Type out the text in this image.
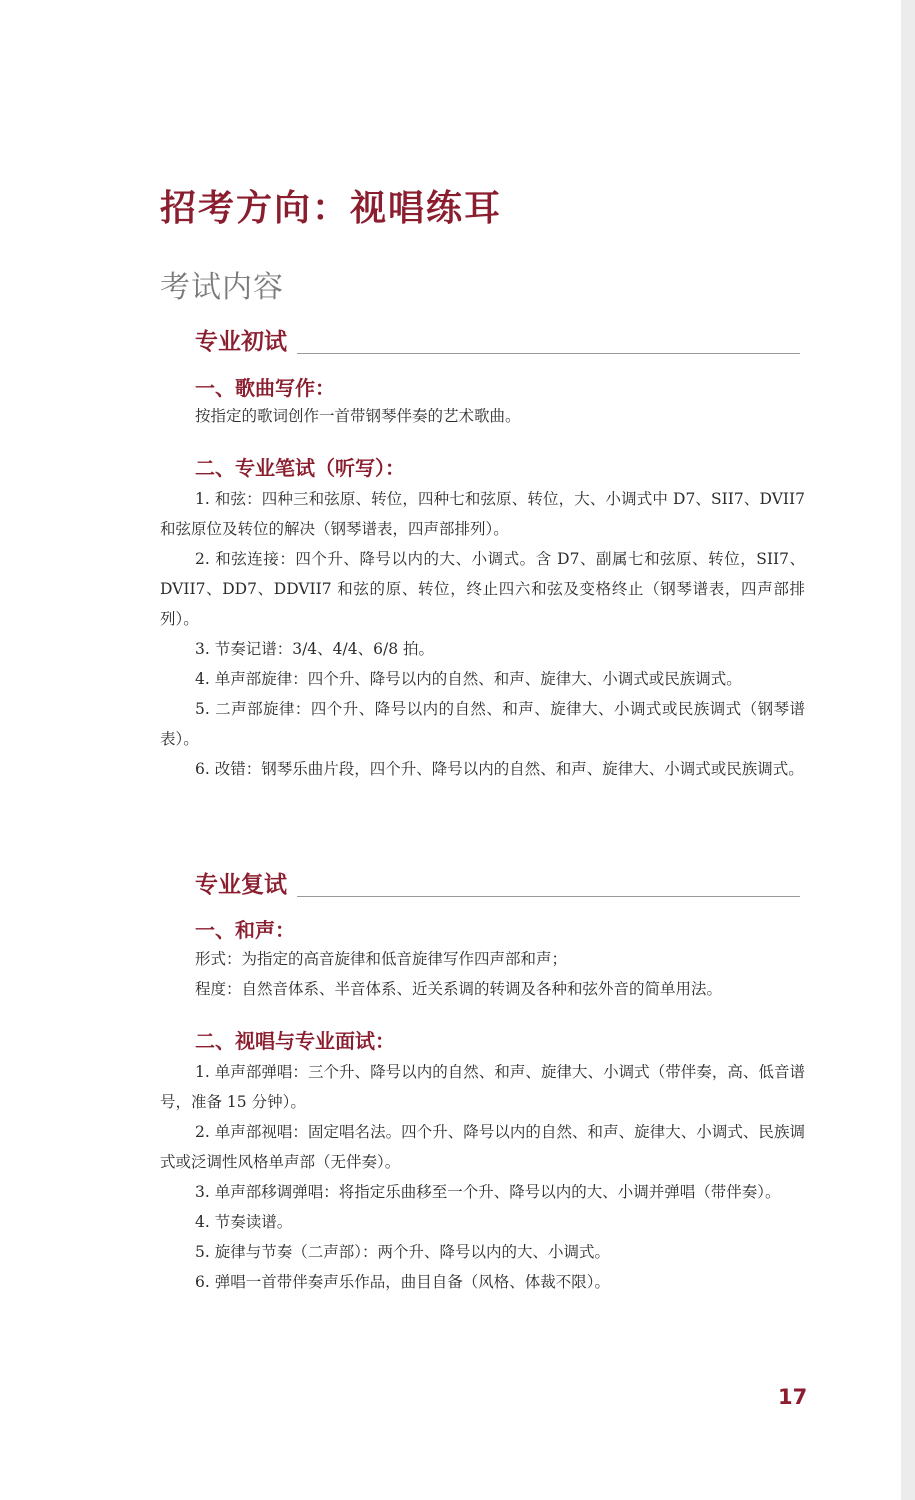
招考方向：视唱练耳
考试内容
专业初试
一、歌曲写作：

按指定的歌词创作一首带钢琴伴奏的艺术歌曲。

二、专业笔试（听写）：

1. 和弦：四种三和弦原、转位，四种七和弦原、转位，大、小调式中 D7、SII7、DVII7 和弦原位及转位的解决（钢琴谱表，四声部排列）。

2. 和弦连接：四个升、降号以内的大、小调式。含 D7、副属七和弦原、转位，SII7、DVII7、DD7、DDVII7 和弦的原、转位，终止四六和弦及变格终止（钢琴谱表，四声部排列）。

3. 节奏记谱：3/4、4/4、6/8 拍。

4. 单声部旋律：四个升、降号以内的自然、和声、旋律大、小调式或民族调式。

5. 二声部旋律：四个升、降号以内的自然、和声、旋律大、小调式或民族调式（钢琴谱表）。

6. 改错：钢琴乐曲片段，四个升、降号以内的自然、和声、旋律大、小调式或民族调式。

专业复试
一、和声：

形式：为指定的高音旋律和低音旋律写作四声部和声；

程度：自然音体系、半音体系、近关系调的转调及各种和弦外音的简单用法。

二、视唱与专业面试：

1. 单声部弹唱：三个升、降号以内的自然、和声、旋律大、小调式（带伴奏，高、低音谱号，准备 15 分钟）。

2. 单声部视唱：固定唱名法。四个升、降号以内的自然、和声、旋律大、小调式、民族调式或泛调性风格单声部（无伴奏）。

3. 单声部移调弹唱：将指定乐曲移至一个升、降号以内的大、小调并弹唱（带伴奏）。

4. 节奏读谱。

5. 旋律与节奏（二声部）：两个升、降号以内的大、小调式。

6. 弹唱一首带伴奏声乐作品，曲目自备（风格、体裁不限）。

17
